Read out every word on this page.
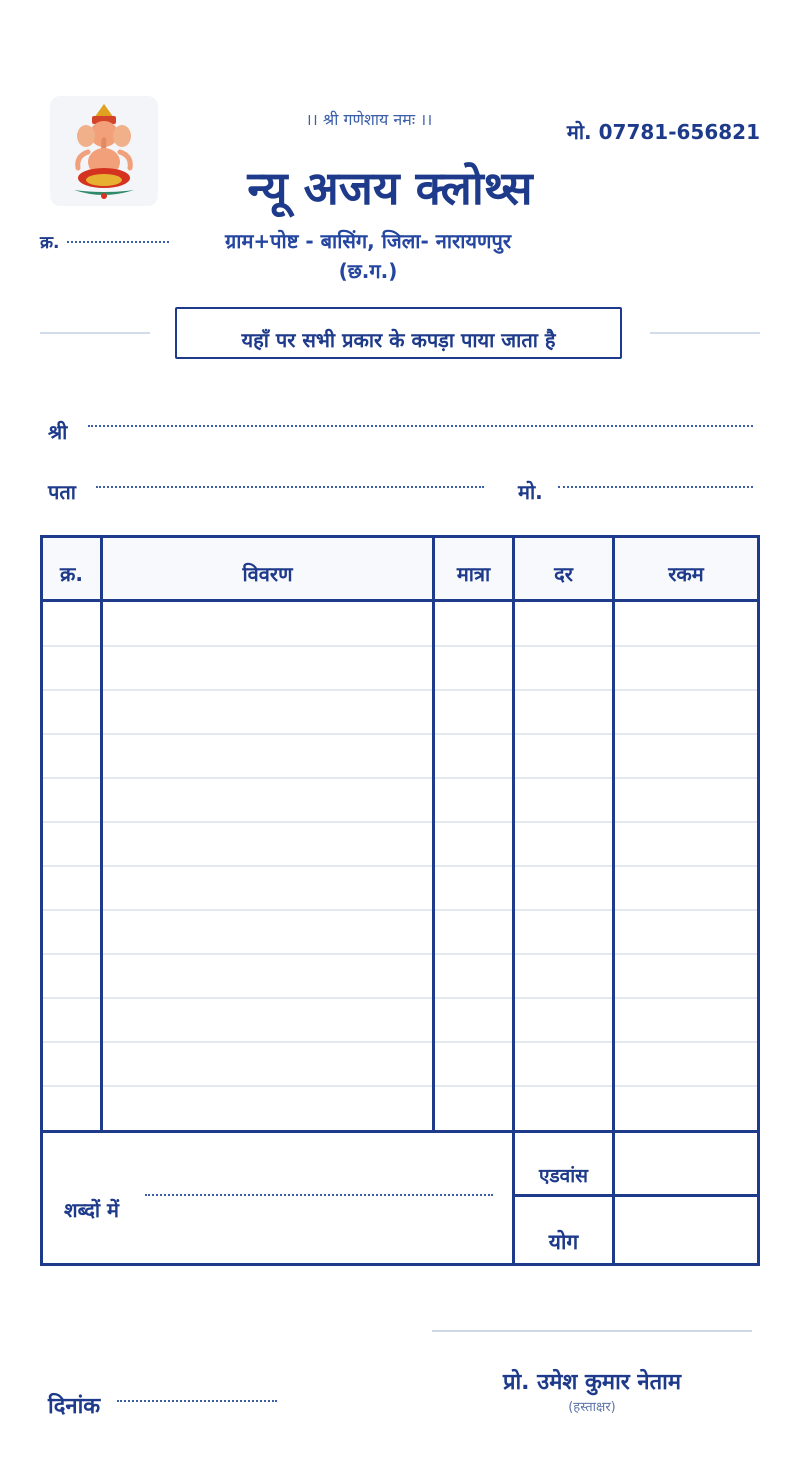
।। श्री गणेशाय नमः ।।
मो. 07781-656821
न्यू अजय क्लोथ्स
ग्राम+पोष्ट - बासिंग, जिला- नारायणपुर
(छ.ग.)
क्र.
यहाँ पर सभी प्रकार के कपड़ा पाया जाता है
श्री
पता	मो.
क्र.	विवरण	मात्रा	दर	रकम
शब्दों में
एडवांस
योग
दिनांक
प्रो. उमेश कुमार नेताम
(हस्ताक्षर)
